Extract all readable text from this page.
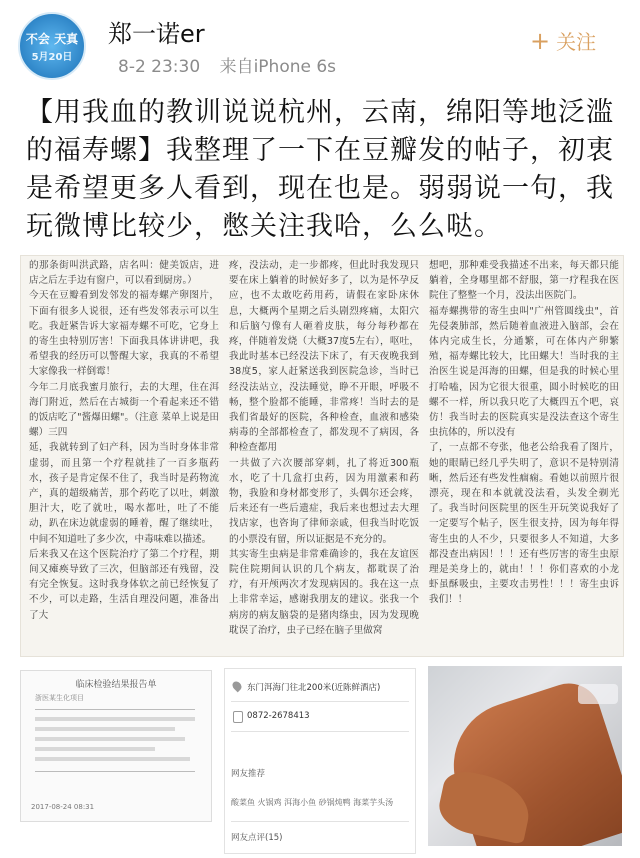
不会 天真
5月20日
郑一诺er
8-2 23:30 来自iPhone 6s
+ 关注
【用我血的教训说说杭州，云南，绵阳等地泛滥的福寿螺】我整理了一下在豆瓣发的帖子，初衷是希望更多人看到，现在也是。弱弱说一句，我玩微博比较少，憋关注我哈，么么哒。
的那条街叫洪武路，店名叫：健美饭店，进店之后左手边有窗户，可以看到厨房。）
今天在豆瓣看到发邻发的福寿螺产卵图片，下面有很多人说很，还有些发邻表示可以生吃。我赶紧告诉大家福寿螺不可吃，它身上的寄生虫特别厉害！下面我具体讲讲吧，我希望我的经历可以警醒大家，我真的不希望大家像我一样倒霉！
今年二月底我蜜月旅行，去的大理，住在洱海门附近，然后在古城街一个看起来还不错的饭店吃了"酱爆田螺"。（注意 菜单上说是田螺）三四
延，我就转到了妇产科，因为当时身体非常虚弱，而且第一个疗程就挂了一百多瓶药水，孩子是肯定保不住了，我当时是药物流产，真的超级痛苦，那个药吃了以吐，刺激胆汁大，吃了就吐，喝水都吐，吐了不能动，趴在床边就虚弱的睡着，醒了继续吐，中间不知道吐了多少次，中毒味难以描述。
后来我又在这个医院治疗了第二个疗程，期间又瘫痪导致了三次，但脑部还有残留，没有完全恢复。这时我身体软之前已经恢复了不少，可以走路，生活自理没问题，准备出了大
疼，没法动，走一步都疼，但此时我发现只要在床上躺着的时候好多了，以为是怀孕反应，也不太敢吃药用药，请假在家卧床休息，大概两个星期之后头剧烈疼痛，太阳穴和后脑勺像有人砸着皮肤，每分每秒都在疼，伴随着发烧（大概37度5左右），呕吐，我此时基本已经没法下床了，有天夜晚我到38度5，家人赶紧送我到医院急诊，当时已经没法站立，没法睡觉，睁不开眼，呼吸不畅，整个脸都不能睡，非常疼！当时去的是我们省最好的医院，各种检查，血液和感染病毒的全部都检查了，都发现不了病因，各种检查都用
一共做了六次腰部穿刺，扎了将近300瓶水，吃了十几盒打虫药，因为用激素和药物，我脸和身材都变形了，头偶尔还会疼，后来还有一些后遗症，我后来也想过去大理找店家，也咨询了律师亲戚，但我当时吃饭的小票没有留，所以证据是不充分的。
其实寄生虫病是非常难确诊的，我在友谊医院住院期间认识的几个病友，都耽误了治疗，有开颅两次才发现病因的。我在这一点上非常幸运，感谢我朋友的建议。张我一个病房的病友脑袋的是猪肉绦虫，因为发现晚耽误了治疗，虫子已经在脑子里做窝
想吧，那种难受我描述不出来，每天都只能躺着，全身哪里都不舒服，第一疗程我在医院住了整整一个月，没法出医院门。
福寿螺携带的寄生虫叫"广州管圆线虫"，首先侵袭肺部，然后随着血液进入脑部，会在体内完成生长，分通繁，可在体内产卵繁殖，福寿螺比较大，比田螺大！当时我的主治医生说是洱海的田螺，但是我的时候心里打哈嗑，因为它很大很重，圆小时候吃的田螺不一样，所以我只吃了大概四五个吧，哀仿！我当时去的医院真实是没法查这个寄生虫抗体的，所以没有
了，一点都不夸张，他老公给我看了图片，她的眼睛已经几乎失明了，意识不是特别清晰，然后还有些发性痼痫。看她以前照片很漂亮，现在和本就就没法看，头发全剃光了。我当时问医院里的医生开玩笑说我好了一定要写个帖子，医生很支持，因为每年得寄生虫的人不少，只要很多人不知道，大多都没查出病因！！！还有些厉害的寄生虫原理是美身上的，就由！！！你们喜欢的小龙虾虽酥吸虫，主要攻击男性！！！寄生虫诉我们！！
临床检验结果报告单
浙医某生化项目
2017-08-24 08:31
东门洱海门往北200米(近陈鲜酒店)
0872-2678413
网友推荐
酸菜鱼 火锅鸡 洱海小鱼 砂锅炖鸭 海菜芋头汤
网友点评(15)
